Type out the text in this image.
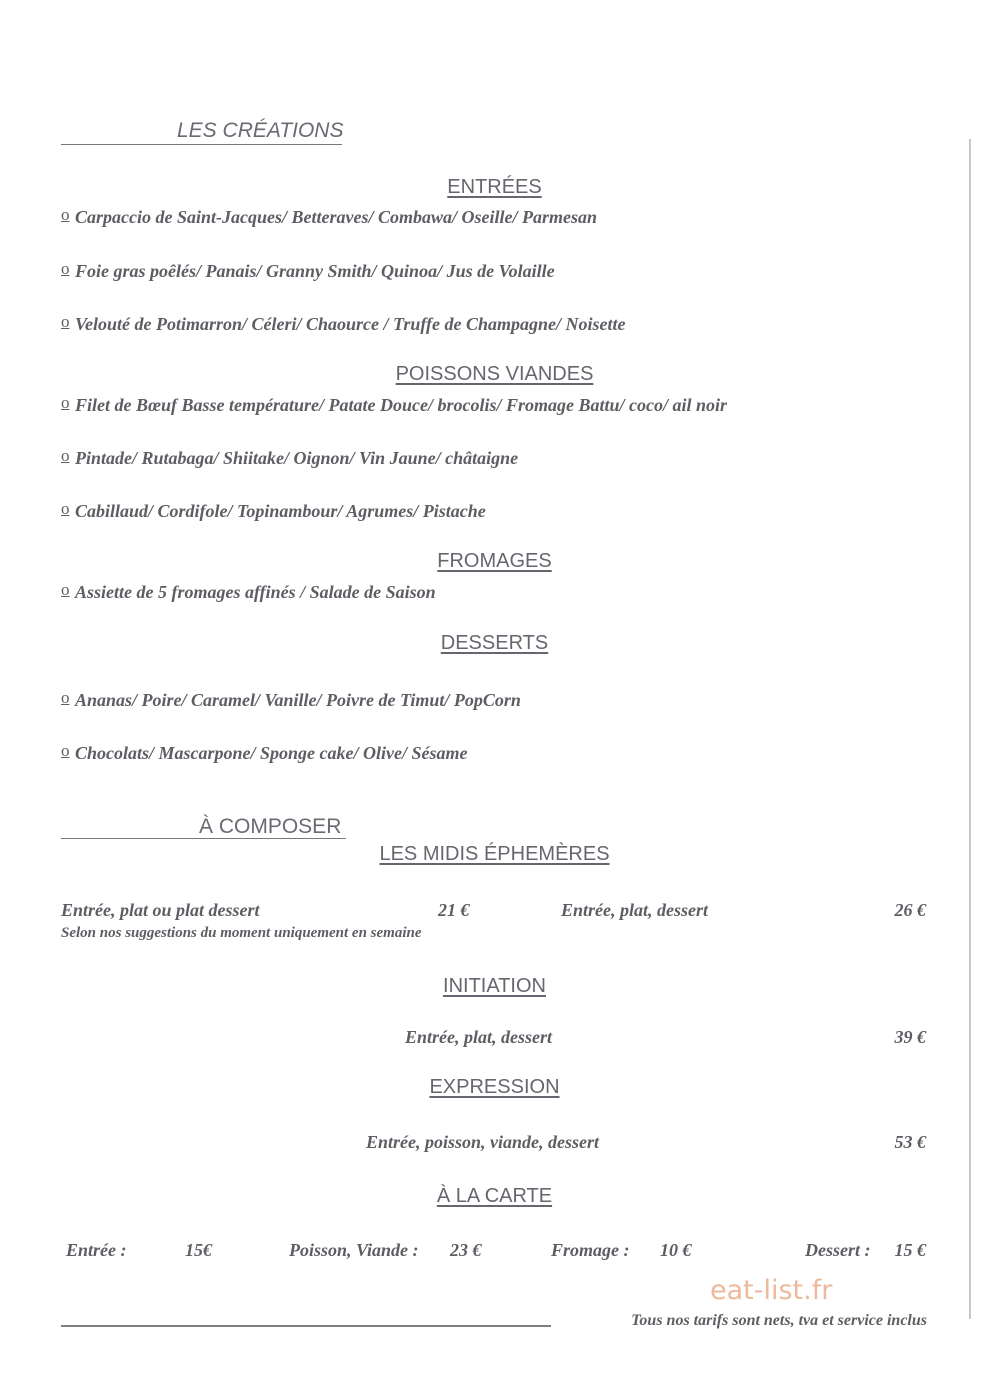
LES CRÉATIONS
ENTRÉES
o Carpaccio de Saint-Jacques/ Betteraves/ Combawa/ Oseille/ Parmesan
o Foie gras poêlés/ Panais/ Granny Smith/ Quinoa/ Jus de Volaille
o Velouté de Potimarron/ Céleri/ Chaource / Truffe de Champagne/ Noisette
POISSONS VIANDES
o Filet de Bœuf Basse température/ Patate Douce/ brocolis/ Fromage Battu/ coco/ ail noir
o Pintade/ Rutabaga/ Shiitake/ Oignon/ Vin Jaune/ châtaigne
o Cabillaud/ Cordifole/ Topinambour/ Agrumes/ Pistache
FROMAGES
o Assiette de 5 fromages affinés / Salade de Saison
DESSERTS
o Ananas/ Poire/ Caramel/ Vanille/ Poivre de Timut/ PopCorn
o Chocolats/ Mascarpone/ Sponge cake/ Olive/ Sésame
À COMPOSER
LES MIDIS ÉPHEMÈRES
Entrée, plat ou plat dessert	21 €	Entrée, plat, dessert	26 €
Selon nos suggestions du moment uniquement en semaine
INITIATION
Entrée, plat, dessert	39 €
EXPRESSION
Entrée, poisson, viande, dessert	53 €
À LA CARTE
Entrée :	15€	Poisson, Viande : 23 €	Fromage : 10 €	Dessert : 15 €
eat-list.fr
Tous nos tarifs sont nets, tva et service inclus
